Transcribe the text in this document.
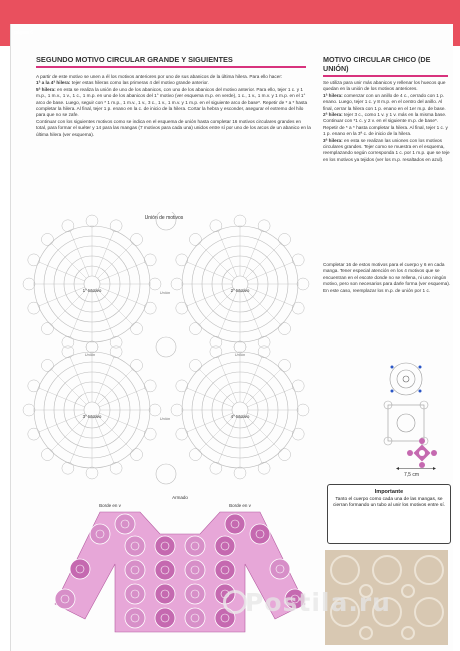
página 6
SEGUNDO MOTIVO CIRCULAR GRANDE Y SIGUIENTES
A partir de este motivo se unen a él los motivos anteriores por uno de sus abanicos de la última hilera. Para ello hacer:
1ª a la 4ª hilera: tejer estas hileras como las primeras 4 del motivo grande anterior.
5ª hilera: en esta se realiza la unión de uno de los abanicos, con uno de los abanicos del motivo anterior. Para ello, tejer 1 c. y 1 m.p., 1 m.v., 1 v., 1 c., 1 m.p. en uno de los abanicos del 1° motivo (ver esquema m.p. en verde), 1 c., 1 v., 1 m.v. y 1 m.p. en el 1° arco de base. Luego, seguir con * 1 m.p., 1 m.v., 1 v., 3 c., 1 v., 1 m.v. y 1 m.p. en el siguiente arco de base*. Repetir de * a * hasta completar la hilera. Al final, tejer 1 p. enano en la c. de inicio de la hilera. Cortar la hebra y esconder, asegurar el extremo del hilo para que no se zafe.
Continuar con los siguientes motivos como se indica en el esquema de unión hasta completar 16 motivos circulares grandes en total, para formar el suéter y 14 para las mangas (7 motivos para cada una) unidos entre sí por uno de los arcos de un abanico en la última hilera (ver esquema).
MOTIVO CIRCULAR CHICO (DE UNIÓN)
Se utiliza para unir más abanicos y rellenar los huecos que quedan en la unión de los motivos anteriores.
1ª hilera: comenzar con un anillo de 4 c., cerrado con 1 p. enano. Luego, tejer 1 c. y 8 m.p. en el centro del anillo. Al final, cerrar la hilera con 1 p. enano en el 1er m.p. de base.
2ª hilera: tejer 3 c., como 1 v. y 1 v. más en la misma base. Continuar con *1 c. y 2 v. en el siguiente m.p. de base*. Repetir de * a * hasta completar la hilera. Al final, tejer 1 c. y 1 p. enano en la 3ª c. de inicio de la hilera.
3ª hilera: en esta se realizan las uniones con los motivos circulares grandes. Tejer como se muestra en el esquema, reemplazando según corresponda 1 c. por 1 m.p. que se teje en los motivos ya tejidos (ver los m.p. resaltados en azul).
Completar 16 de estos motivos para el cuerpo y 6 en cada manga. Tener especial atención en los 4 motivos que se encuentran en el escote donde no se rellena, ni uno ningún motivo, pero son necesarios para darle forma (ver esquema). En este caso, reemplazar los m.p. de unión por 1 c.
Unión de motivos
Unión
Unión	Unión
Unión
1° Motivo	2° Motivo
3° Motivo	4° Motivo
7,5 cm
Importante
Tanto el cuerpo como cada una de las mangas, se cierran formando un tubo al unir los motivos entre sí.
Armado
Borde en v	Borde en v
Postila.ru
